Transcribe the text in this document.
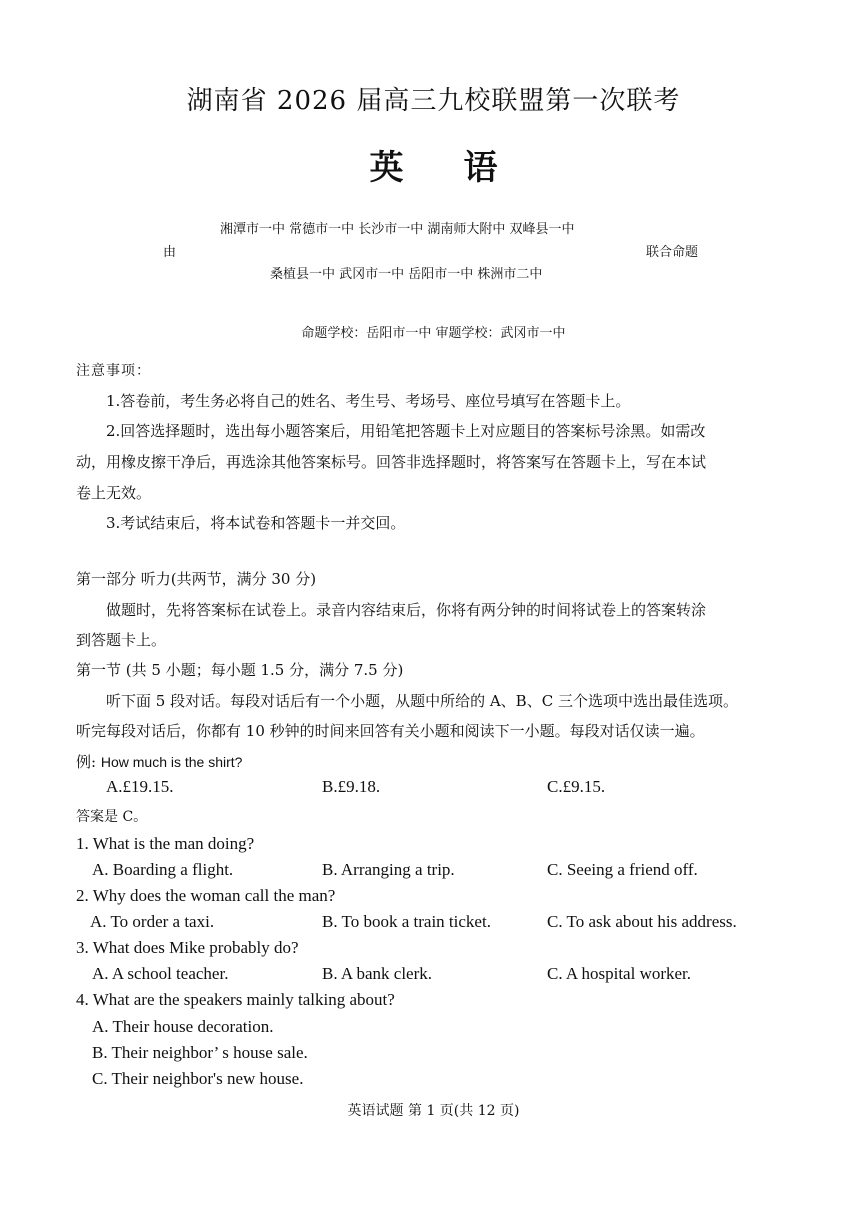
湖南省 2026 届高三九校联盟第一次联考
英语
湘潭市一中 常德市一中 长沙市一中 湖南师大附中 双峰县一中
由	联合命题
桑植县一中 武冈市一中 岳阳市一中 株洲市二中
命题学校：岳阳市一中 审题学校：武冈市一中
注意事项：
1.答卷前，考生务必将自己的姓名、考生号、考场号、座位号填写在答题卡上。
2.回答选择题时，选出每小题答案后，用铅笔把答题卡上对应题目的答案标号涂黑。如需改
动，用橡皮擦干净后，再选涂其他答案标号。回答非选择题时，将答案写在答题卡上，写在本试
卷上无效。
3.考试结束后，将本试卷和答题卡一并交回。
第一部分 听力(共两节，满分 30 分)
做题时，先将答案标在试卷上。录音内容结束后，你将有两分钟的时间将试卷上的答案转涂
到答题卡上。
第一节 (共 5 小题；每小题 1.5 分，满分 7.5 分)
听下面 5 段对话。每段对话后有一个小题，从题中所给的 A、B、C 三个选项中选出最佳选项。
听完每段对话后，你都有 10 秒钟的时间来回答有关小题和阅读下一小题。每段对话仅读一遍。
例: How much is the shirt?
A.£19.15.	B.£9.18.	C.£9.15.
答案是 C。
1. What is the man doing?
A. Boarding a flight.	B. Arranging a trip.	C. Seeing a friend off.
2. Why does the woman call the man?
A. To order a taxi.	B. To book a train ticket.	C. To ask about his address.
3. What does Mike probably do?
A. A school teacher.	B. A bank clerk.	C. A hospital worker.
4. What are the speakers mainly talking about?
A. Their house decoration.
B. Their neighbor’ s house sale.
C. Their neighbor's new house.
英语试题 第 1 页(共 12 页)
